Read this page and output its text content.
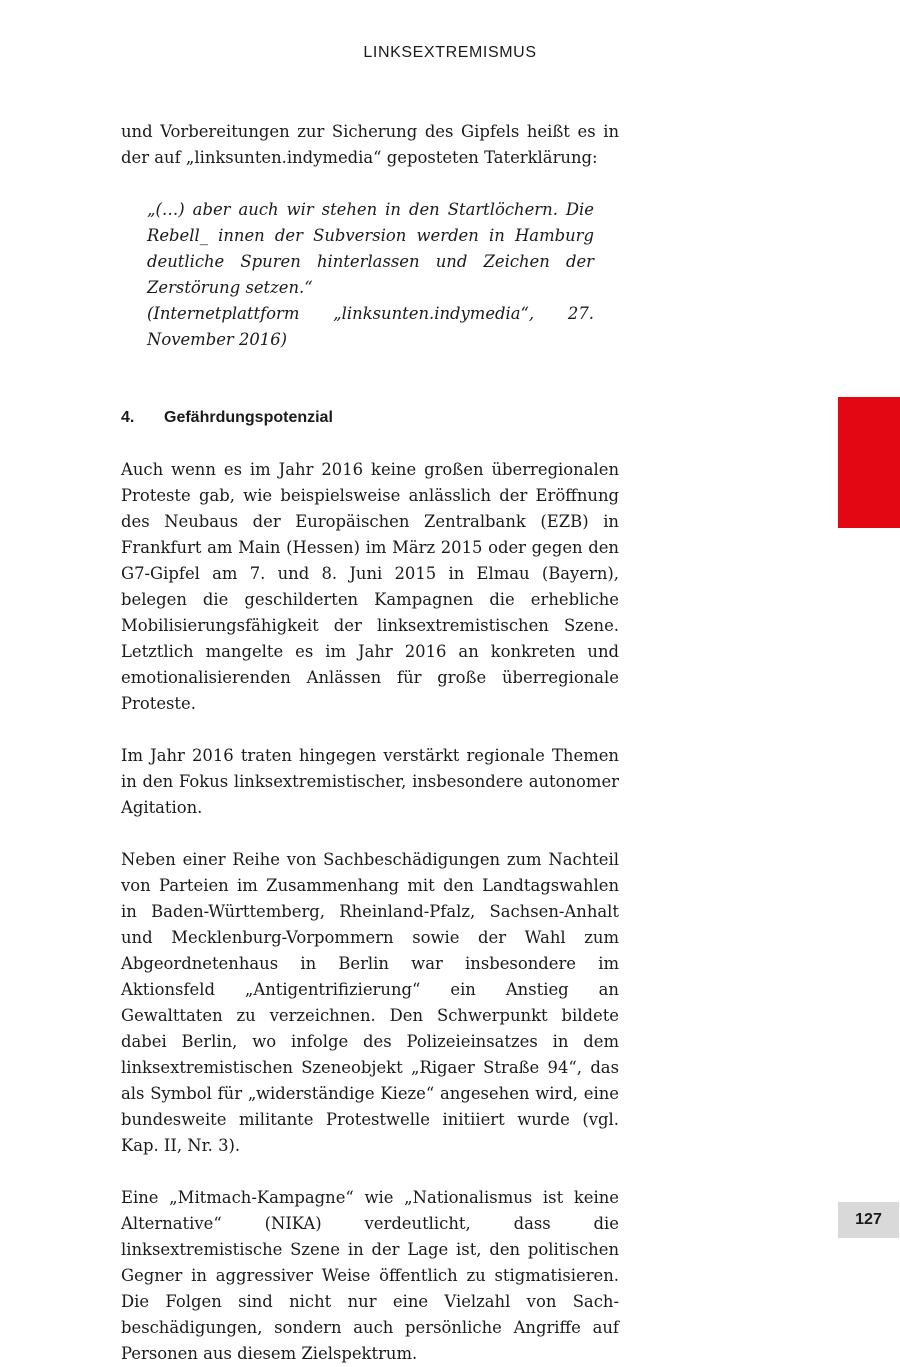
LINKSEXTREMISMUS

und Vorbereitungen zur Sicherung des Gipfels heißt es in der auf „linksunten.indymedia“ geposteten Taterklärung:

„(…) aber auch wir stehen in den Startlöchern. Die Rebell_ innen der Subversion werden in Hamburg deutliche Spuren hinterlassen und Zeichen der Zerstörung setzen.“

(Internetplattform „linksunten.indymedia“, 27. November 2016)

4. Gefährdungspotenzial

Auch wenn es im Jahr 2016 keine großen überregionalen Proteste gab, wie beispielsweise anlässlich der Eröffnung des Neubaus der Europäischen Zentralbank (EZB) in Frankfurt am Main (Hessen) im März 2015 oder gegen den G7-Gipfel am 7. und 8. Juni 2015 in Elmau (Bayern), belegen die geschilderten Kampagnen die erhebliche Mobilisierungsfähigkeit der linksextremistischen Szene. Letztlich mangelte es im Jahr 2016 an konkreten und emotionalisierenden Anlässen für große überregionale Proteste.

Im Jahr 2016 traten hingegen verstärkt regionale Themen in den Fokus linksextremistischer, insbesondere autonomer Agitation.

Neben einer Reihe von Sachbeschädigungen zum Nachteil von Parteien im Zusammenhang mit den Landtagswahlen in Baden-Württemberg, Rheinland-Pfalz, Sachsen-Anhalt und Mecklenburg-Vorpommern sowie der Wahl zum Abgeordnetenhaus in Berlin war insbesondere im Aktionsfeld „Antigentrifizierung“ ein Anstieg an Gewalttaten zu verzeichnen. Den Schwerpunkt bildete dabei Berlin, wo infolge des Polizeieinsatzes in dem linksextremistischen Szeneobjekt „Rigaer Straße 94“, das als Symbol für „widerständige Kieze“ angesehen wird, eine bundesweite militante Protestwelle initiiert wurde (vgl. Kap. II, Nr. 3).

Eine „Mitmach-Kampagne“ wie „Nationalismus ist keine Alternative“ (NIKA) verdeutlicht, dass die linksextremistische Szene in der Lage ist, den politischen Gegner in aggressiver Weise öffentlich zu stigmatisieren. Die Folgen sind nicht nur eine Vielzahl von Sachbeschädigungen, sondern auch persönliche Angriffe auf Personen aus diesem Zielspektrum.

127
